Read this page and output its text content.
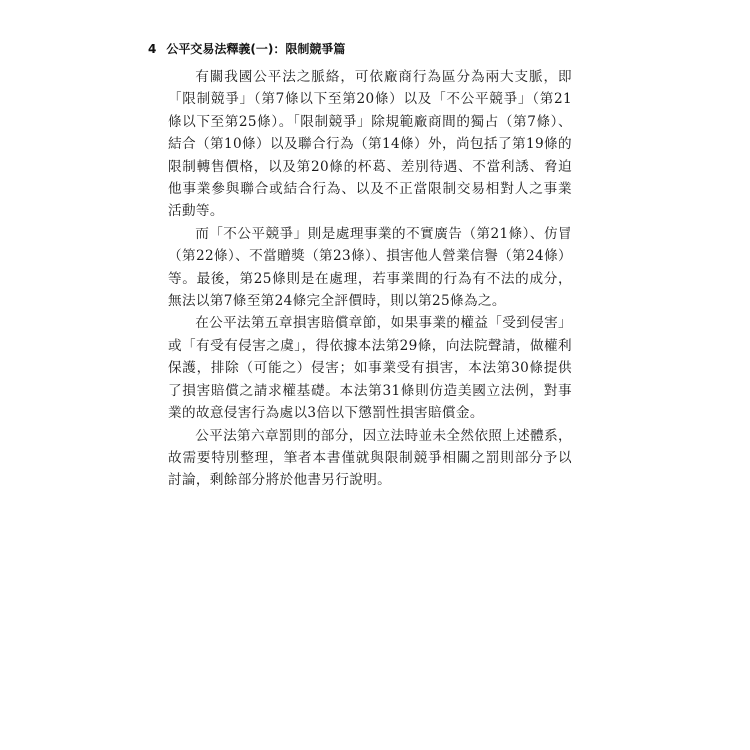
4 公平交易法釋義(一)：限制競爭篇

有關我國公平法之脈絡，可依廠商行為區分為兩大支脈，即「限制競爭」（第7條以下至第20條）以及「不公平競爭」（第21條以下至第25條）。「限制競爭」除規範廠商間的獨占（第7條）、結合（第10條）以及聯合行為（第14條）外，尚包括了第19條的限制轉售價格，以及第20條的杯葛、差別待遇、不當利誘、脅迫他事業參與聯合或結合行為、以及不正當限制交易相對人之事業活動等。

而「不公平競爭」則是處理事業的不實廣告（第21條）、仿冒（第22條）、不當贈獎（第23條）、損害他人營業信譽（第24條）等。最後，第25條則是在處理，若事業間的行為有不法的成分，無法以第7條至第24條完全評價時，則以第25條為之。

在公平法第五章損害賠償章節，如果事業的權益「受到侵害」或「有受有侵害之虞」，得依據本法第29條，向法院聲請，做權利保護，排除（可能之）侵害；如事業受有損害，本法第30條提供了損害賠償之請求權基礎。本法第31條則仿造美國立法例，對事業的故意侵害行為處以3倍以下懲罰性損害賠償金。

公平法第六章罰則的部分，因立法時並未全然依照上述體系，故需要特別整理，筆者本書僅就與限制競爭相關之罰則部分予以討論，剩餘部分將於他書另行說明。
